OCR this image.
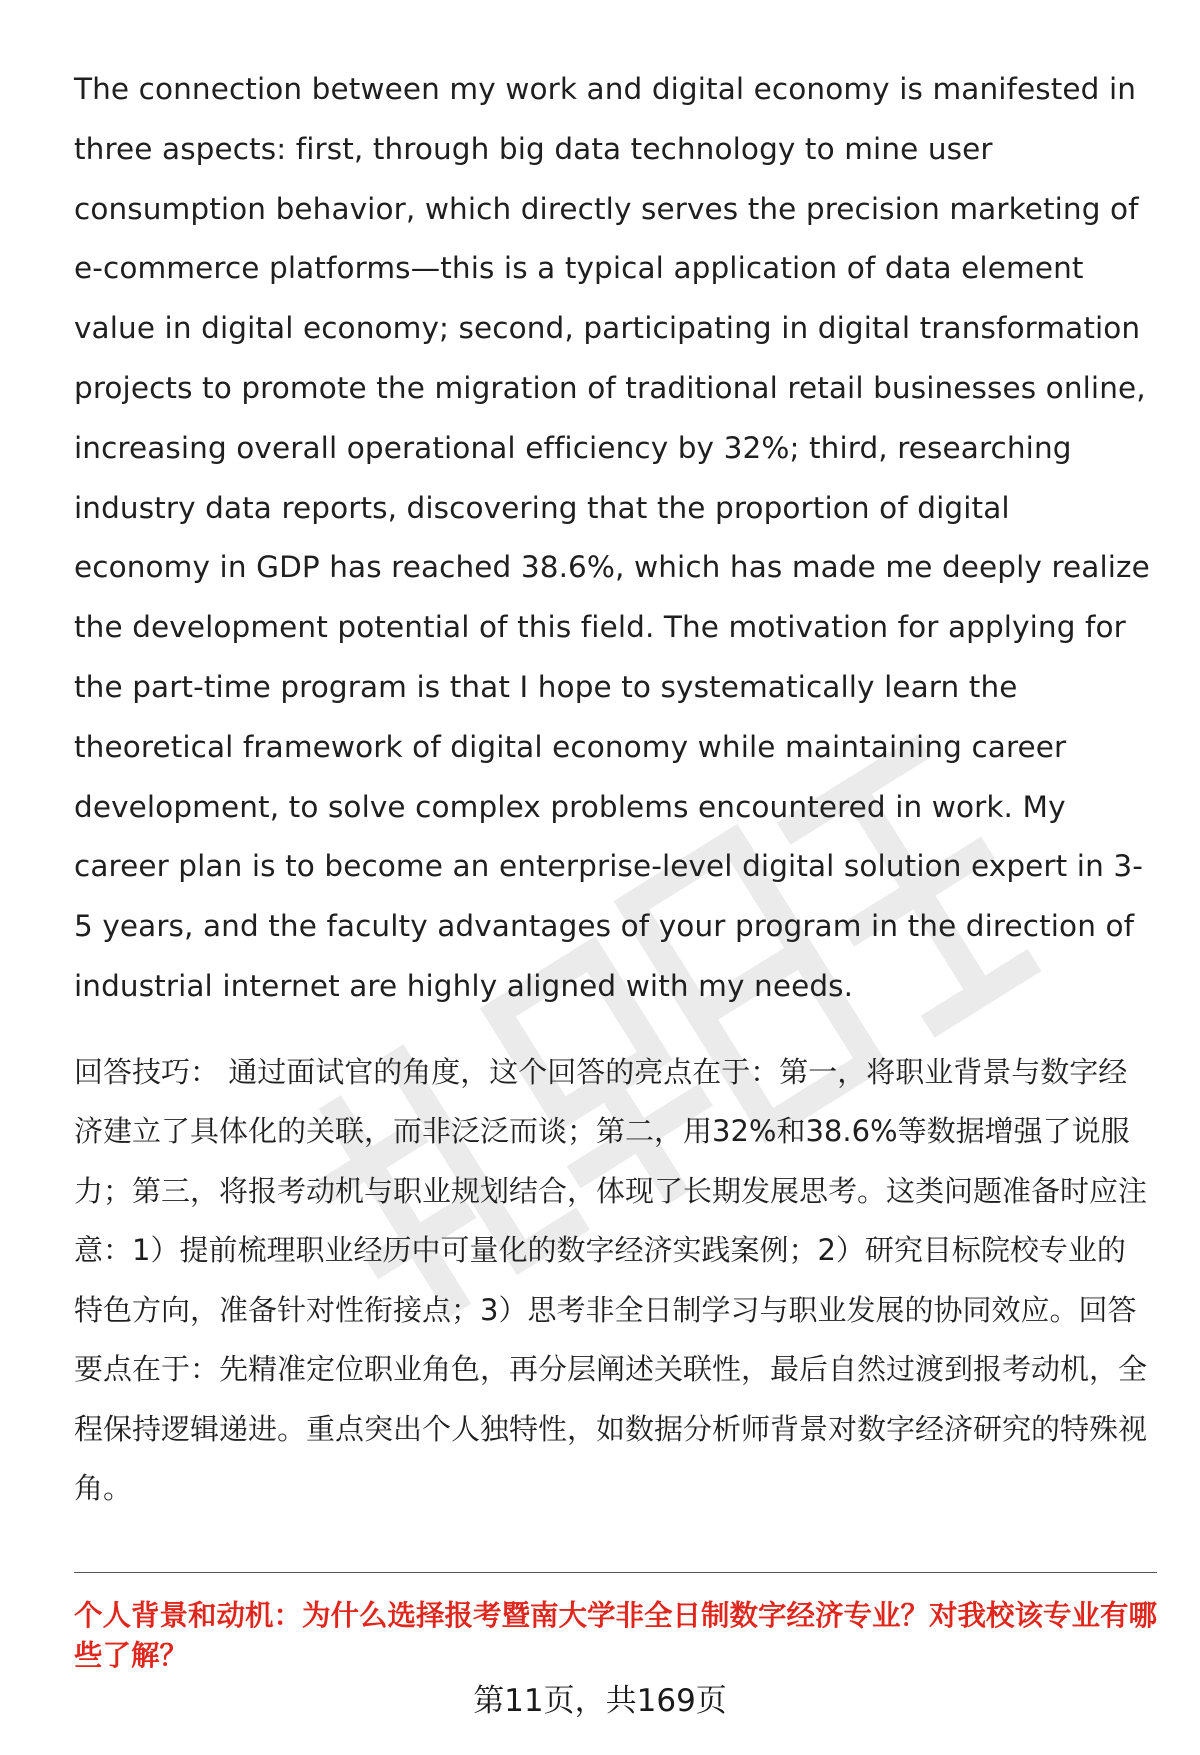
The connection between my work and digital economy is manifested in three aspects: first, through big data technology to mine user consumption behavior, which directly serves the precision marketing of e-commerce platforms—this is a typical application of data element value in digital economy; second, participating in digital transformation projects to promote the migration of traditional retail businesses online, increasing overall operational efficiency by 32%; third, researching industry data reports, discovering that the proportion of digital economy in GDP has reached 38.6%, which has made me deeply realize the development potential of this field. The motivation for applying for the part-time program is that I hope to systematically learn the theoretical framework of digital economy while maintaining career development, to solve complex problems encountered in work. My career plan is to become an enterprise-level digital solution expert in 3-5 years, and the faculty advantages of your program in the direction of industrial internet are highly aligned with my needs.

回答技巧： 通过面试官的角度，这个回答的亮点在于：第一，将职业背景与数字经济建立了具体化的关联，而非泛泛而谈；第二，用32%和38.6%等数据增强了说服力；第三，将报考动机与职业规划结合，体现了长期发展思考。这类问题准备时应注意：1）提前梳理职业经历中可量化的数字经济实践案例；2）研究目标院校专业的特色方向，准备针对性衔接点；3）思考非全日制学习与职业发展的协同效应。回答要点在于：先精准定位职业角色，再分层阐述关联性，最后自然过渡到报考动机，全程保持逻辑递进。重点突出个人独特性，如数据分析师背景对数字经济研究的特殊视角。

个人背景和动机：为什么选择报考暨南大学非全日制数字经济专业？对我校该专业有哪些了解？

第11页，共169页
